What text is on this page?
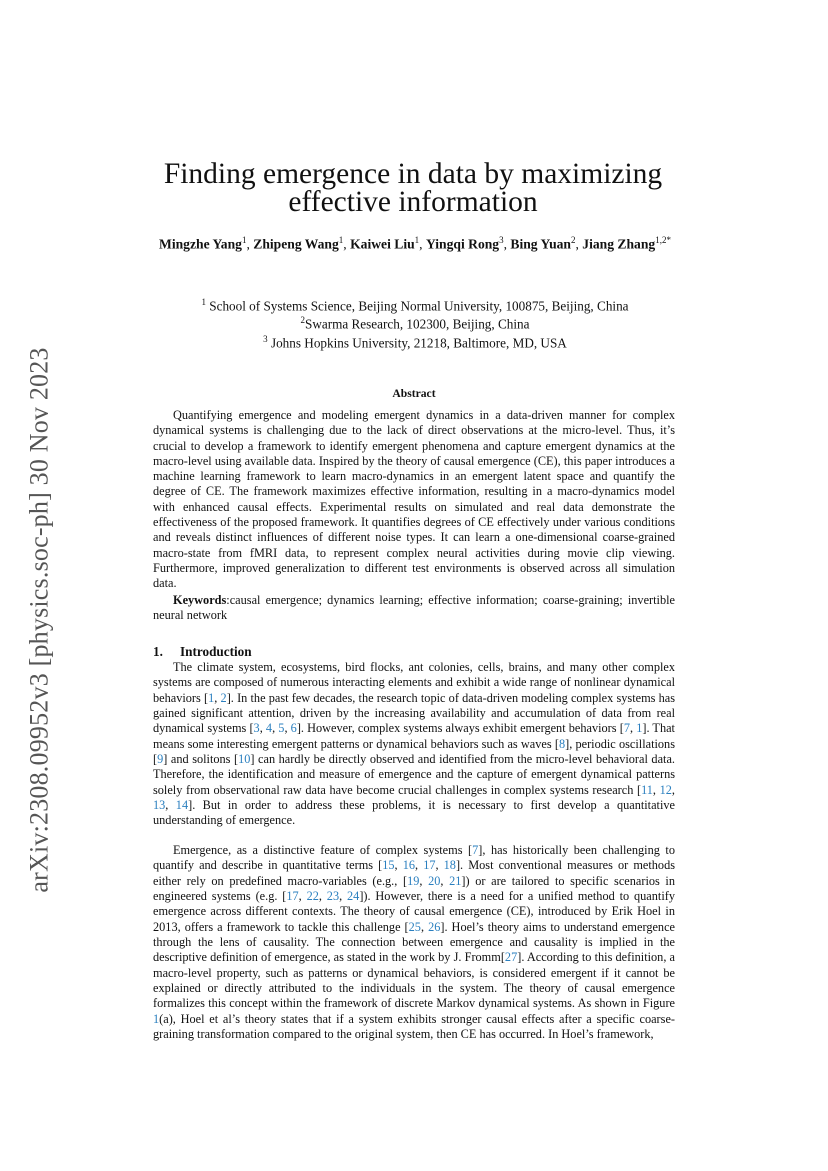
arXiv:2308.09952v3 [physics.soc-ph] 30 Nov 2023
Finding emergence in data by maximizing effective information
Mingzhe Yang$^1$, Zhipeng Wang$^1$, Kaiwei Liu$^1$, Yingqi Rong$^3$, Bing Yuan$^2$, Jiang Zhang$^{1,2*}$
$^1$ School of Systems Science, Beijing Normal University, 100875, Beijing, China
$^2$Swarma Research, 102300, Beijing, China
$^3$ Johns Hopkins University, 21218, Baltimore, MD, USA
Abstract

Quantifying emergence and modeling emergent dynamics in a data-driven manner for complex dynamical systems is challenging due to the lack of direct observations at the micro-level. Thus, it’s crucial to develop a framework to identify emergent phenomena and capture emergent dynamics at the macro-level using available data. Inspired by the theory of causal emergence (CE), this paper introduces a machine learning framework to learn macro-dynamics in an emergent latent space and quantify the degree of CE. The framework maximizes effective information, resulting in a macro-dynamics model with enhanced causal effects. Experimental results on simulated and real data demonstrate the effectiveness of the proposed framework. It quantifies degrees of CE effectively under various conditions and reveals distinct influences of different noise types. It can learn a one-dimensional coarse-grained macro-state from fMRI data, to represent complex neural activities during movie clip viewing. Furthermore, improved generalization to different test environments is observed across all simulation data.

Keywords:causal emergence; dynamics learning; effective information; coarse-graining; invertible neural network

1. Introduction

The climate system, ecosystems, bird flocks, ant colonies, cells, brains, and many other complex systems are composed of numerous interacting elements and exhibit a wide range of nonlinear dynamical behaviors [1, 2]. In the past few decades, the research topic of data-driven modeling complex systems has gained significant attention, driven by the increasing availability and accumulation of data from real dynamical systems [3, 4, 5, 6]. However, complex systems always exhibit emergent behaviors [7, 1]. That means some interesting emergent patterns or dynamical behaviors such as waves [8], periodic oscillations [9] and solitons [10] can hardly be directly observed and identified from the micro-level behavioral data. Therefore, the identification and measure of emergence and the capture of emergent dynamical patterns solely from observational raw data have become crucial challenges in complex systems research [11, 12, 13, 14]. But in order to address these problems, it is necessary to first develop a quantitative understanding of emergence.

Emergence, as a distinctive feature of complex systems [7], has historically been challenging to quantify and describe in quantitative terms [15, 16, 17, 18]. Most conventional measures or methods either rely on predefined macro-variables (e.g., [19, 20, 21]) or are tailored to specific scenarios in engineered systems (e.g. [17, 22, 23, 24]). However, there is a need for a unified method to quantify emergence across different contexts. The theory of causal emergence (CE), introduced by Erik Hoel in 2013, offers a framework to tackle this challenge [25, 26]. Hoel’s theory aims to understand emergence through the lens of causality. The connection between emergence and causality is implied in the descriptive definition of emergence, as stated in the work by J. Fromm[27]. According to this definition, a macro-level property, such as patterns or dynamical behaviors, is considered emergent if it cannot be explained or directly attributed to the individuals in the system. The theory of causal emergence formalizes this concept within the framework of discrete Markov dynamical systems. As shown in Figure 1(a), Hoel et al’s theory states that if a system exhibits stronger causal effects after a specific coarse-graining transformation compared to the original system, then CE has occurred. In Hoel’s framework,
